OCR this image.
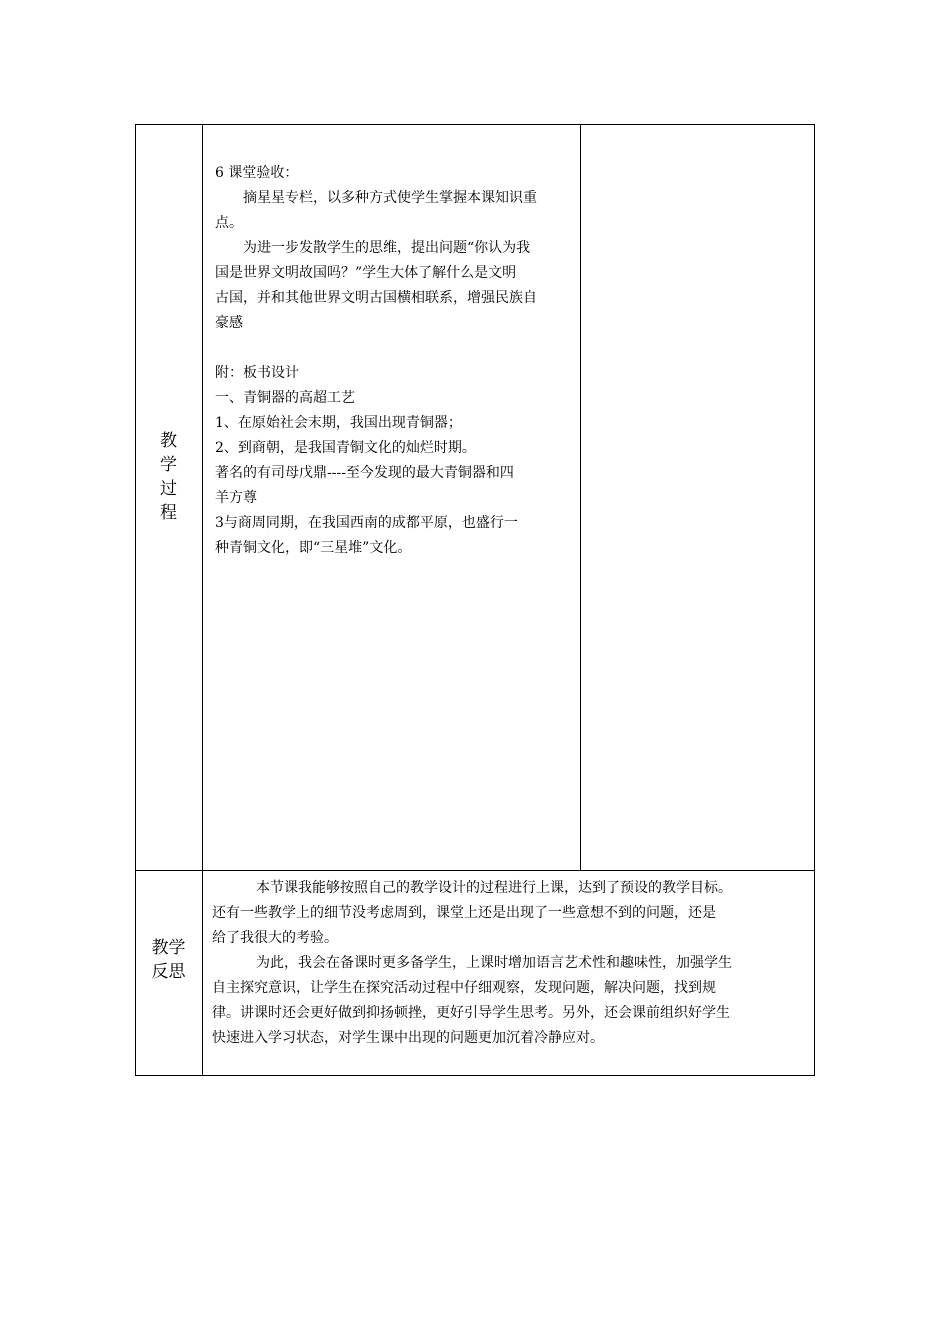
教
学
过
程
6 课堂验收：
摘星星专栏，以多种方式使学生掌握本课知识重
点。
为进一步发散学生的思维，提出问题“你认为我
国是世界文明故国吗？”学生大体了解什么是文明
古国，并和其他世界文明古国横相联系，增强民族自
豪感
附：板书设计
一、青铜器的高超工艺
1、在原始社会末期，我国出现青铜器；
2、到商朝，是我国青铜文化的灿烂时期。
著名的有司母戊鼎----至今发现的最大青铜器和四
羊方尊
3与商周同期，在我国西南的成都平原，也盛行一
种青铜文化，即“三星堆”文化。
教学
反思
本节课我能够按照自己的教学设计的过程进行上课，达到了预设的教学目标。
还有一些教学上的细节没考虑周到，课堂上还是出现了一些意想不到的问题，还是
给了我很大的考验。
为此，我会在备课时更多备学生，上课时增加语言艺术性和趣味性，加强学生
自主探究意识，让学生在探究活动过程中仔细观察，发现问题，解决问题，找到规
律。讲课时还会更好做到抑扬顿挫，更好引导学生思考。另外，还会课前组织好学生
快速进入学习状态，对学生课中出现的问题更加沉着冷静应对。
